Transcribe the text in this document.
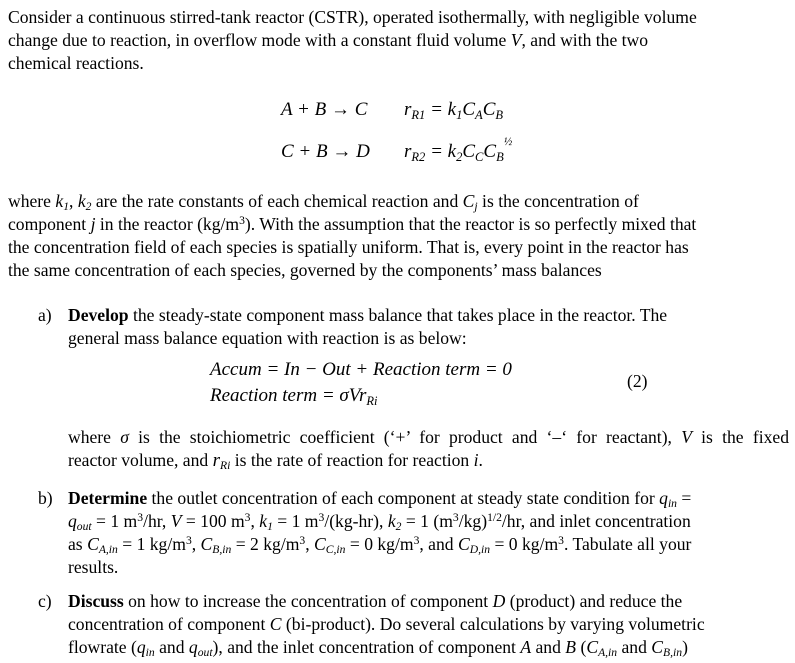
Consider a continuous stirred-tank reactor (CSTR), operated isothermally, with negligible volume

change due to reaction, in overflow mode with a constant fluid volume V, and with the two

chemical reactions.

A + B → C
C + B → D
$r_{R1} = k_1C_AC_B$
$r_{R2}$ = $k_2C_CC_B\frac{1}{2}$

where $k_1$, $k_2$ are the rate constants of each chemical reaction and $C_j$ is the concentration of

component j in the reactor $(kg/m^3)$. With the assumption that the reactor is so perfectly mixed that

the concentration field of each species is spatially uniform. That is, every point in the reactor has

the same concentration of each species, governed by the components’ mass balances

a) Develop the steady-state component mass balance that takes place in the reactor. The

general mass balance equation with reaction is as below:

Accum = In − Out + Reaction term = 0
Reaction term = σVr$_{Ri}$
(2)

where σ is the stoichiometric coefficient (‘+’ for product and ‘–‘ for reactant), V is the fixed

reactor volume, and $r_{Ri}$ is the rate of reaction for reaction i.

b) Determine the outlet concentration of each component at steady state condition for $q_{in}$ =

$q_{out} = 1$ $m^3/hr$, V = 100 $m^3$, $k_1 = 1$ $m^3/(kg-hr)$, $k_2 = 1$ $(m^3/kg)^{1/2}/hr$, and inlet concentration

as $C_{A,in} = 1$ $kg/m^3$, $C_{B,in} = 2$ $kg/m^3$, $C_{C,in} = 0$ $kg/m^3$, and $C_{D,in} = 0$ $kg/m^3$. Tabulate all your

results.

c) Discuss on how to increase the concentration of component D (product) and reduce the

concentration of component C (bi-product). Do several calculations by varying volumetric

flowrate ($q_{in}$ and $q_{out}$), and the inlet concentration of component A and B ($C_{A,in}$ and $C_{B,in}$)
